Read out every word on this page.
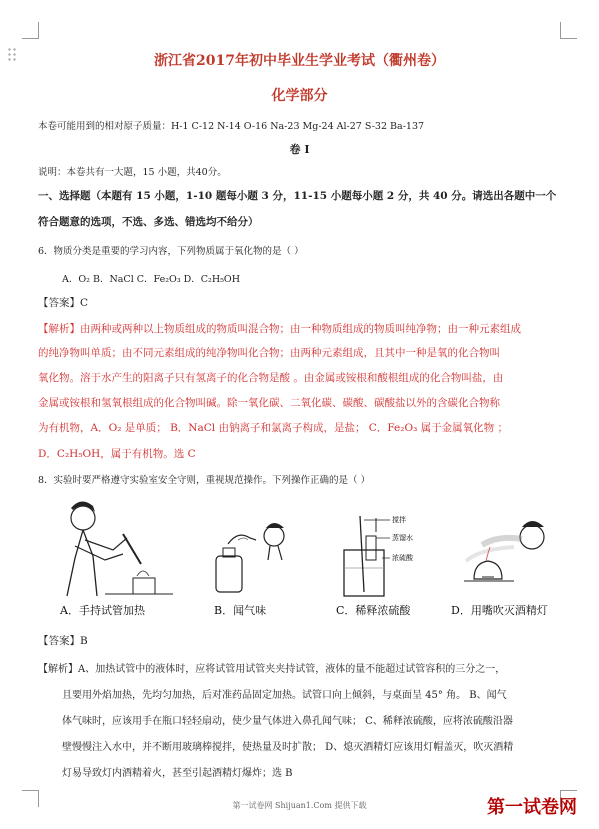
浙江省2017年初中毕业生学业考试（衢州卷）
化学部分
本卷可能用到的相对原子质量：H-1 C-12 N-14 O-16 Na-23 Mg-24 Al-27 S-32 Ba-137
卷 I
说明：本卷共有一大题，15 小题，共40分。
一、选择题（本题有 15 小题，1-10 题每小题 3 分，11-15 小题每小题 2 分，共 40 分。请选出各题中一个
符合题意的选项，不选、多选、错选均不给分）
6．物质分类是重要的学习内容，下列物质属于氧化物的是（ ）
A．O₂ B．NaCl C．Fe₂O₃ D．C₂H₅OH
【答案】C
【解析】由两种或两种以上物质组成的物质叫混合物；由一种物质组成的物质叫纯净物；由一种元素组成
的纯净物叫单质；由不同元素组成的纯净物叫化合物；由两种元素组成，且其中一种是氧的化合物叫
氧化物。溶于水产生的阳离子只有氢离子的化合物是酸 。由金属或铵根和酸根组成的化合物叫盐，由
金属或铵根和氢氧根组成的化合物叫碱。除一氧化碳、二氧化碳、碳酸、碳酸盐以外的含碳化合物称
为有机物，A．O₂ 是单质； B．NaCl 由钠离子和氯离子构成，是盐； C．Fe₂O₃ 属于金属氧化物 ；
D．C₂H₅OH，属于有机物。选 C
8．实验时要严格遵守实验室安全守则，重视规范操作。下列操作正确的是（ ）
A．手持试管加热	B．闻气味
搅拌
蒸馏水
浓硫酸
C．稀释浓硫酸	D．用嘴吹灭酒精灯
【答案】B
【解析】A、加热试管中的液体时，应将试管用试管夹夹持试管，液体的量不能超过试管容积的三分之一，
且要用外焰加热，先均匀加热，后对准药品固定加热。试管口向上倾斜，与桌面呈 45° 角。 B、闻气
体气味时，应该用手在瓶口轻轻扇动，使少量气体进入鼻孔闻气味； C、稀释浓硫酸，应将浓硫酸沿器
壁慢慢注入水中，并不断用玻璃棒搅拌，使热量及时扩散； D、熄灭酒精灯应该用灯帽盖灭，吹灭酒精
灯易导致灯内酒精着火，甚至引起酒精灯爆炸；选 B
第一试卷网 Shijuan1.Com 提供下载	第一试卷网
